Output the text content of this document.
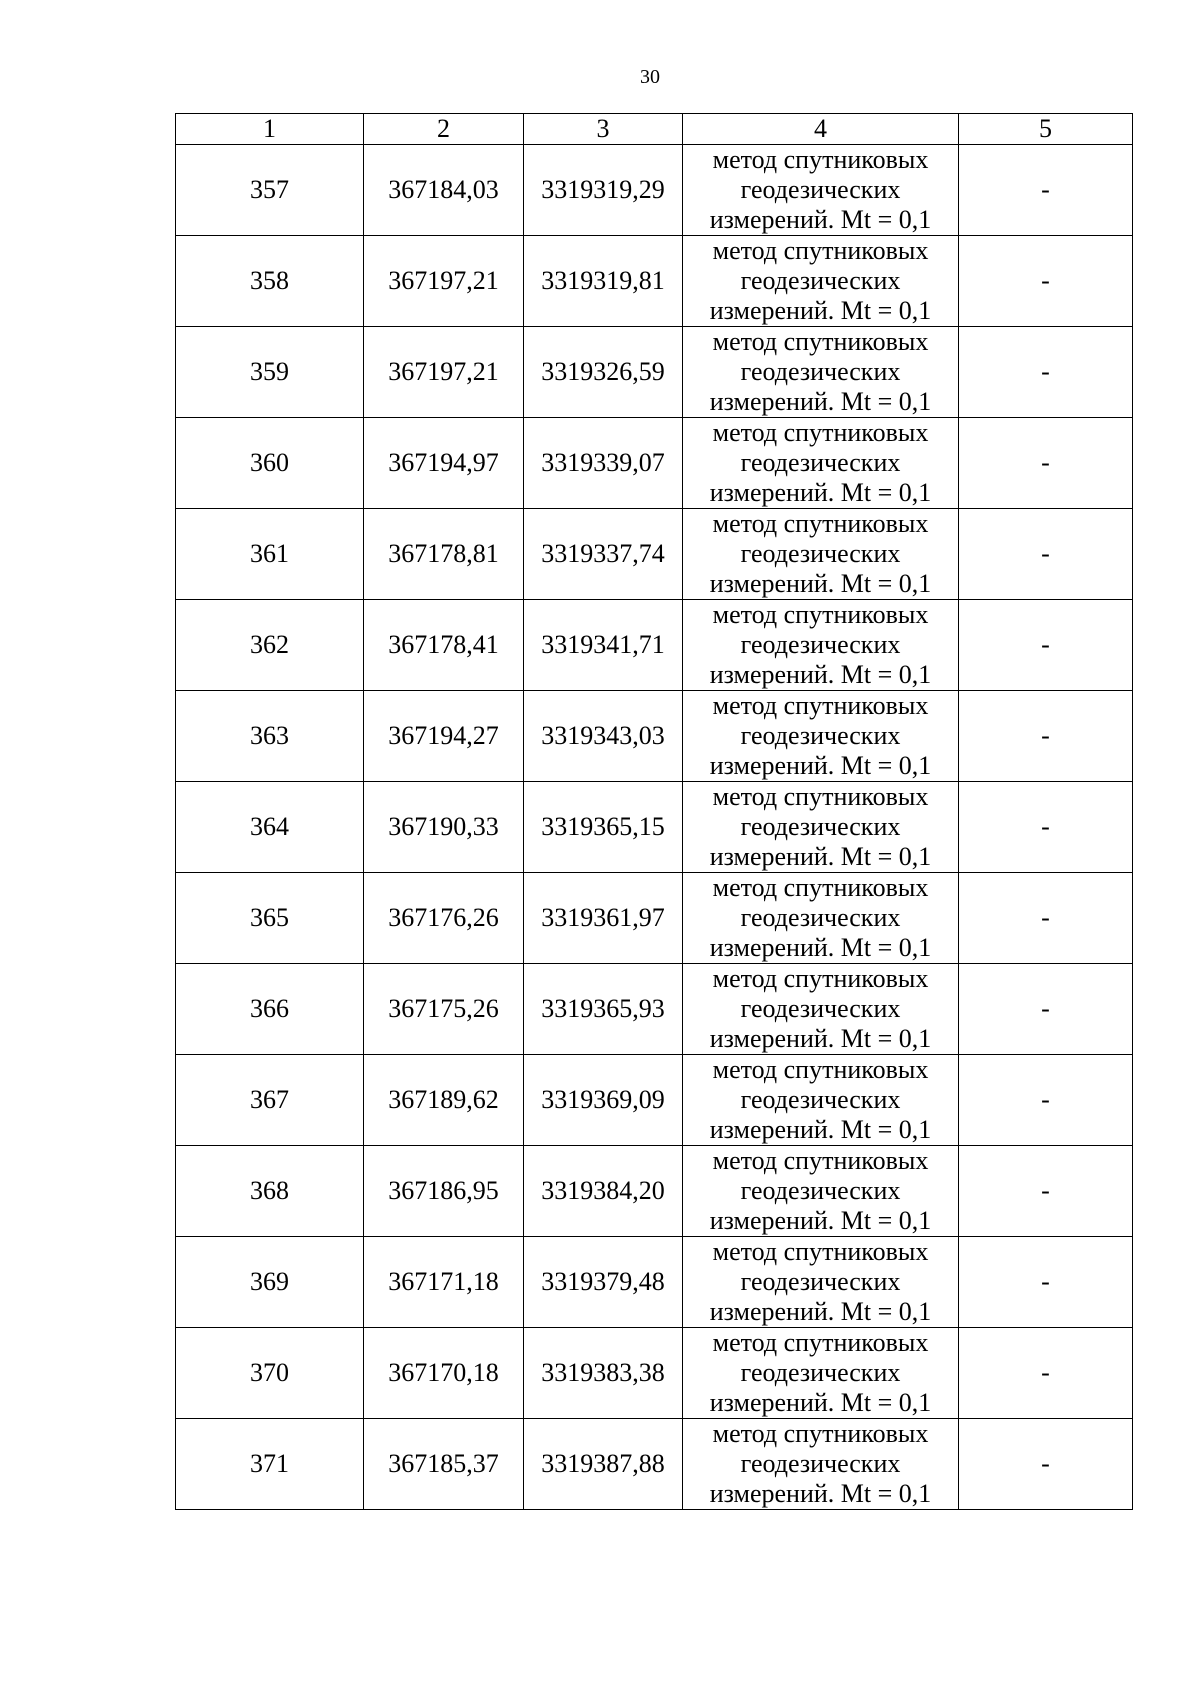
30
1	2	3	4	5
357	367184,03	3319319,29	метод спутниковых
геодезических
измерений. Mt = 0,1	-
358	367197,21	3319319,81	метод спутниковых
геодезических
измерений. Mt = 0,1	-
359	367197,21	3319326,59	метод спутниковых
геодезических
измерений. Mt = 0,1	-
360	367194,97	3319339,07	метод спутниковых
геодезических
измерений. Mt = 0,1	-
361	367178,81	3319337,74	метод спутниковых
геодезических
измерений. Mt = 0,1	-
362	367178,41	3319341,71	метод спутниковых
геодезических
измерений. Mt = 0,1	-
363	367194,27	3319343,03	метод спутниковых
геодезических
измерений. Mt = 0,1	-
364	367190,33	3319365,15	метод спутниковых
геодезических
измерений. Mt = 0,1	-
365	367176,26	3319361,97	метод спутниковых
геодезических
измерений. Mt = 0,1	-
366	367175,26	3319365,93	метод спутниковых
геодезических
измерений. Mt = 0,1	-
367	367189,62	3319369,09	метод спутниковых
геодезических
измерений. Mt = 0,1	-
368	367186,95	3319384,20	метод спутниковых
геодезических
измерений. Mt = 0,1	-
369	367171,18	3319379,48	метод спутниковых
геодезических
измерений. Mt = 0,1	-
370	367170,18	3319383,38	метод спутниковых
геодезических
измерений. Mt = 0,1	-
371	367185,37	3319387,88	метод спутниковых
геодезических
измерений. Mt = 0,1	-
